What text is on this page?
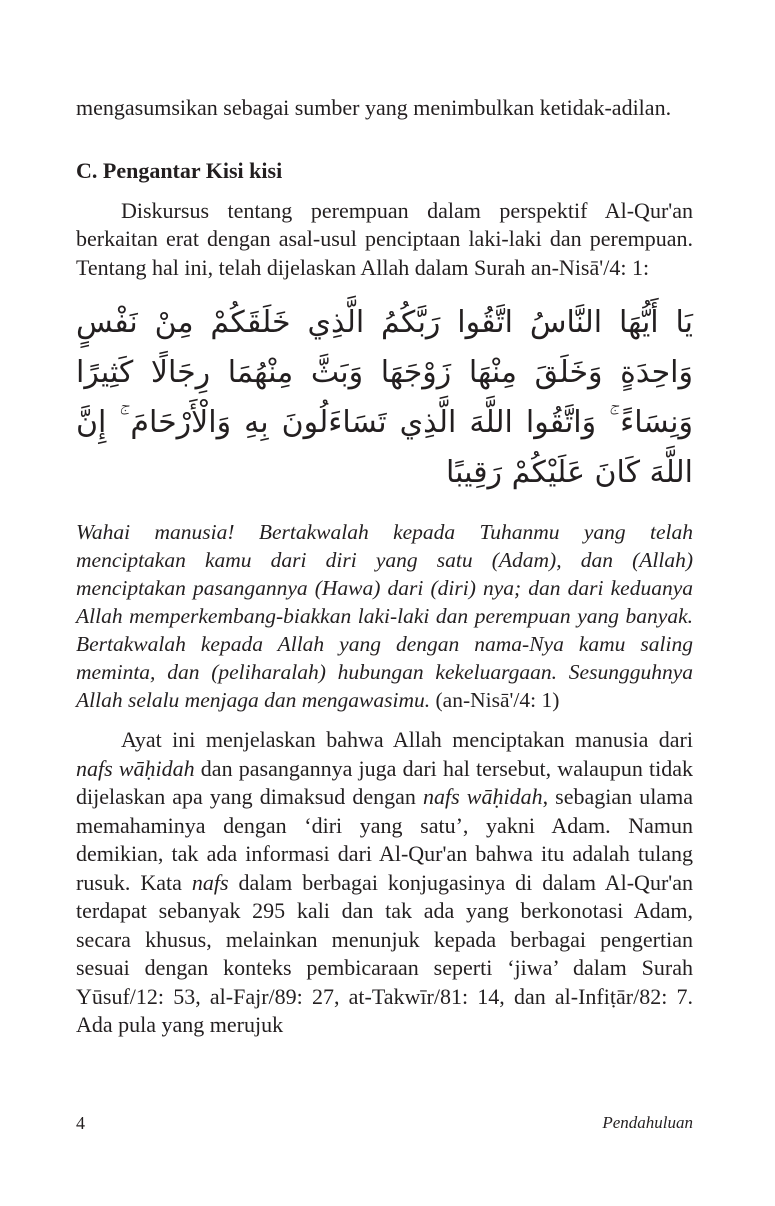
mengasumsikan sebagai sumber yang menimbulkan ketidak-adilan.

C. Pengantar Kisi kisi

Diskursus tentang perempuan dalam perspektif Al-Qur'an berkaitan erat dengan asal-usul penciptaan laki-laki dan perempuan. Tentang hal ini, telah dijelaskan Allah dalam Surah an-Nisā'/4: 1:

يَا أَيُّهَا النَّاسُ اتَّقُوا رَبَّكُمُ الَّذِي خَلَقَكُمْ مِنْ نَفْسٍ وَاحِدَةٍ وَخَلَقَ مِنْهَا زَوْجَهَا وَبَثَّ مِنْهُمَا رِجَالًا كَثِيرًا وَنِسَاءً ۚ وَاتَّقُوا اللَّهَ الَّذِي تَسَاءَلُونَ بِهِ وَالْأَرْحَامَ ۚ إِنَّ اللَّهَ كَانَ عَلَيْكُمْ رَقِيبًا

Wahai manusia! Bertakwalah kepada Tuhanmu yang telah menciptakan kamu dari diri yang satu (Adam), dan (Allah) menciptakan pasangannya (Hawa) dari (diri) nya; dan dari keduanya Allah memperkembang-biakkan laki-laki dan perempuan yang banyak. Bertakwalah kepada Allah yang dengan nama-Nya kamu saling meminta, dan (peliharalah) hubungan kekeluargaan. Sesungguhnya Allah selalu menjaga dan mengawasimu. (an-Nisā'/4: 1)

Ayat ini menjelaskan bahwa Allah menciptakan manusia dari nafs wāḥidah dan pasangannya juga dari hal tersebut, walaupun tidak dijelaskan apa yang dimaksud dengan nafs wāḥidah, sebagian ulama memahaminya dengan ‘diri yang satu’, yakni Adam. Namun demikian, tak ada informasi dari Al-Qur'an bahwa itu adalah tulang rusuk. Kata nafs dalam berbagai konjugasinya di dalam Al-Qur'an terdapat sebanyak 295 kali dan tak ada yang berkonotasi Adam, secara khusus, melainkan menunjuk kepada berbagai pengertian sesuai dengan konteks pembicaraan seperti ‘jiwa’ dalam Surah Yūsuf/12: 53, al-Fajr/89: 27, at-Takwīr/81: 14, dan al-Infiṭār/82: 7. Ada pula yang merujuk

4	Pendahuluan
